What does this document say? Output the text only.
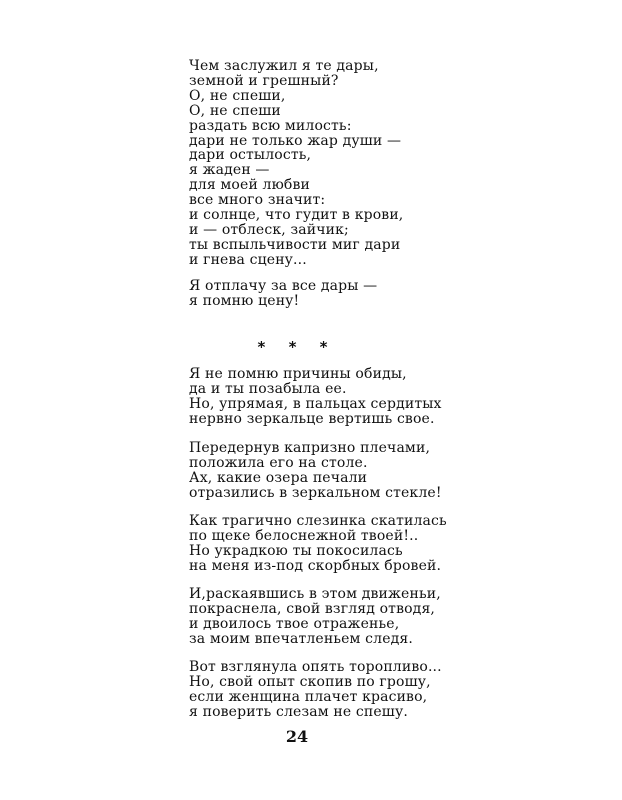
Чем заслужил я те дары,
земной и грешный?
О, не спеши,
О, не спеши
раздать всю милость:
дари не только жар души —
дари остылость,
я жаден —
для моей любви
все много значит:
и солнце, что гудит в крови,
и — отблеск, зайчик;
ты вспыльчивости миг дари
и гнева сцену...
Я отплачу за все дары —
я помню цену!
* * *
Я не помню причины обиды,
да и ты позабыла ее.
Но, упрямая, в пальцах сердитых
нервно зеркальце вертишь свое.
Передернув капризно плечами,
положила его на столе.
Ах, какие озера печали
отразились в зеркальном стекле!
Как трагично слезинка скатилась
по щеке белоснежной твоей!..
Но украдкою ты покосилась
на меня из-под скорбных бровей.
И,раскаявшись в этом движеньи,
покраснела, свой взгляд отводя,
и двоилось твое отраженье,
за моим впечатленьем следя.
Вот взглянула опять торопливо...
Но, свой опыт скопив по грошу,
если женщина плачет красиво,
я поверить слезам не спешу.
24
